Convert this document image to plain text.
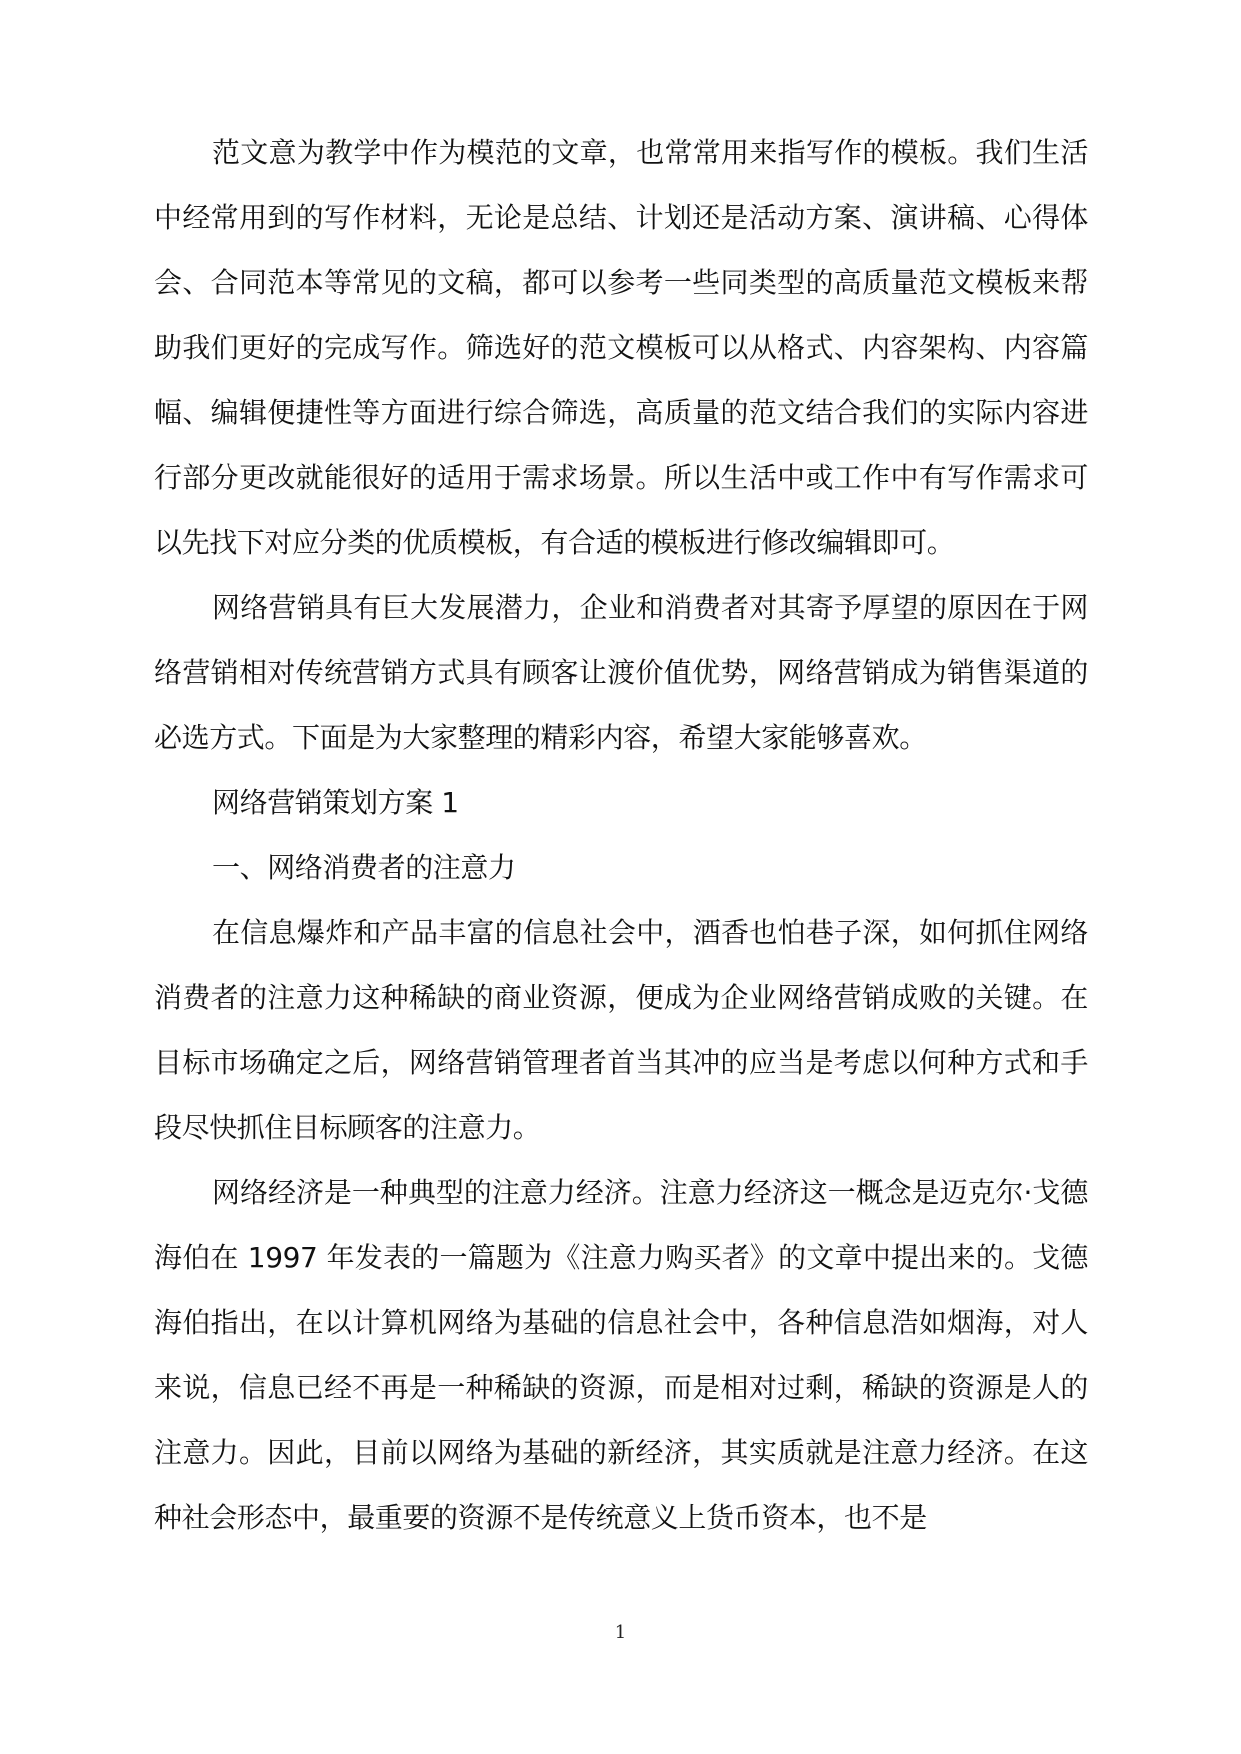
范文意为教学中作为模范的文章，也常常用来指写作的模板。我们生活中经常用到的写作材料，无论是总结、计划还是活动方案、演讲稿、心得体会、合同范本等常见的文稿，都可以参考一些同类型的高质量范文模板来帮助我们更好的完成写作。筛选好的范文模板可以从格式、内容架构、内容篇幅、编辑便捷性等方面进行综合筛选，高质量的范文结合我们的实际内容进行部分更改就能很好的适用于需求场景。所以生活中或工作中有写作需求可以先找下对应分类的优质模板，有合适的模板进行修改编辑即可。

网络营销具有巨大发展潜力，企业和消费者对其寄予厚望的原因在于网络营销相对传统营销方式具有顾客让渡价值优势，网络营销成为销售渠道的必选方式。下面是为大家整理的精彩内容，希望大家能够喜欢。

网络营销策划方案 1

一、网络消费者的注意力

在信息爆炸和产品丰富的信息社会中，酒香也怕巷子深，如何抓住网络消费者的注意力这种稀缺的商业资源，便成为企业网络营销成败的关键。在目标市场确定之后，网络营销管理者首当其冲的应当是考虑以何种方式和手段尽快抓住目标顾客的注意力。

网络经济是一种典型的注意力经济。注意力经济这一概念是迈克尔·戈德海伯在 1997 年发表的一篇题为《注意力购买者》的文章中提出来的。戈德海伯指出，在以计算机网络为基础的信息社会中，各种信息浩如烟海，对人来说，信息已经不再是一种稀缺的资源，而是相对过剩，稀缺的资源是人的注意力。因此，目前以网络为基础的新经济，其实质就是注意力经济。在这种社会形态中，最重要的资源不是传统意义上货币资本，也不是

1
